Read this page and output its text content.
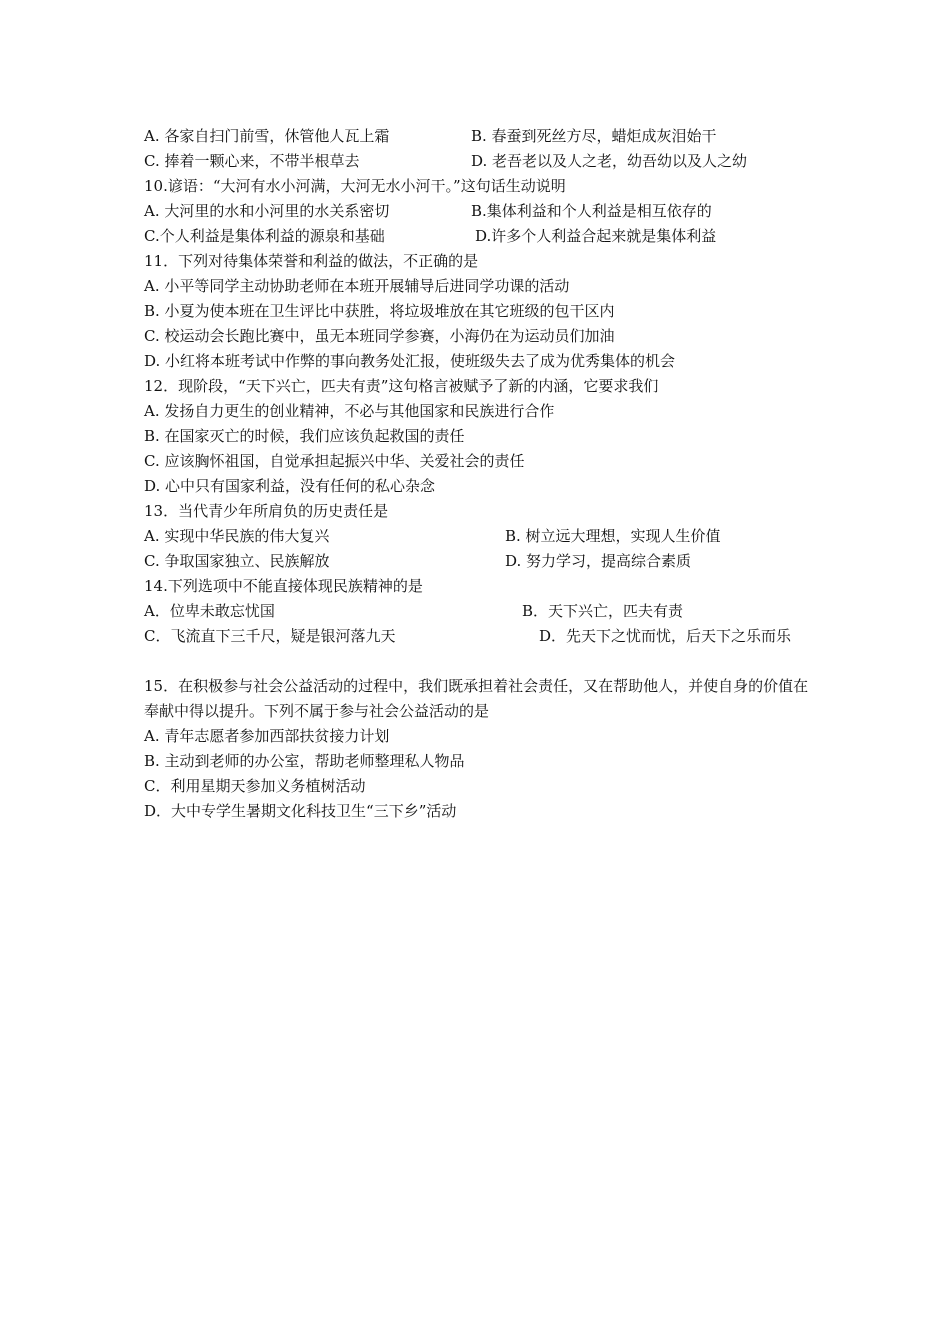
A. 各家自扫门前雪，休管他人瓦上霜	B. 春蚕到死丝方尽，蜡炬成灰泪始干
C. 捧着一颗心来，不带半根草去	D. 老吾老以及人之老，幼吾幼以及人之幼
10.谚语：“大河有水小河满，大河无水小河干。”这句话生动说明
A. 大河里的水和小河里的水关系密切	B.集体利益和个人利益是相互依存的
C.个人利益是集体利益的源泉和基础	D.许多个人利益合起来就是集体利益
11．下列对待集体荣誉和利益的做法，不正确的是
A. 小平等同学主动协助老师在本班开展辅导后进同学功课的活动
B. 小夏为使本班在卫生评比中获胜，将垃圾堆放在其它班级的包干区内
C. 校运动会长跑比赛中，虽无本班同学参赛，小海仍在为运动员们加油
D. 小红将本班考试中作弊的事向教务处汇报，使班级失去了成为优秀集体的机会
12．现阶段，“天下兴亡，匹夫有责”这句格言被赋予了新的内涵，它要求我们
A. 发扬自力更生的创业精神，不必与其他国家和民族进行合作
B. 在国家灭亡的时候，我们应该负起救国的责任
C. 应该胸怀祖国，自觉承担起振兴中华、关爱社会的责任
D. 心中只有国家利益，没有任何的私心杂念
13．当代青少年所肩负的历史责任是
A. 实现中华民族的伟大复兴	B. 树立远大理想，实现人生价值
C. 争取国家独立、民族解放	D. 努力学习，提高综合素质
14.下列选项中不能直接体现民族精神的是
A．位卑未敢忘忧国	B．天下兴亡，匹夫有责
C．飞流直下三千尺，疑是银河落九天	D．先天下之忧而忧，后天下之乐而乐
15．在积极参与社会公益活动的过程中，我们既承担着社会责任，又在帮助他人，并使自身的价值在奉献中得以提升。下列不属于参与社会公益活动的是
A. 青年志愿者参加西部扶贫接力计划
B. 主动到老师的办公室，帮助老师整理私人物品
C．利用星期天参加义务植树活动
D．大中专学生暑期文化科技卫生“三下乡”活动
